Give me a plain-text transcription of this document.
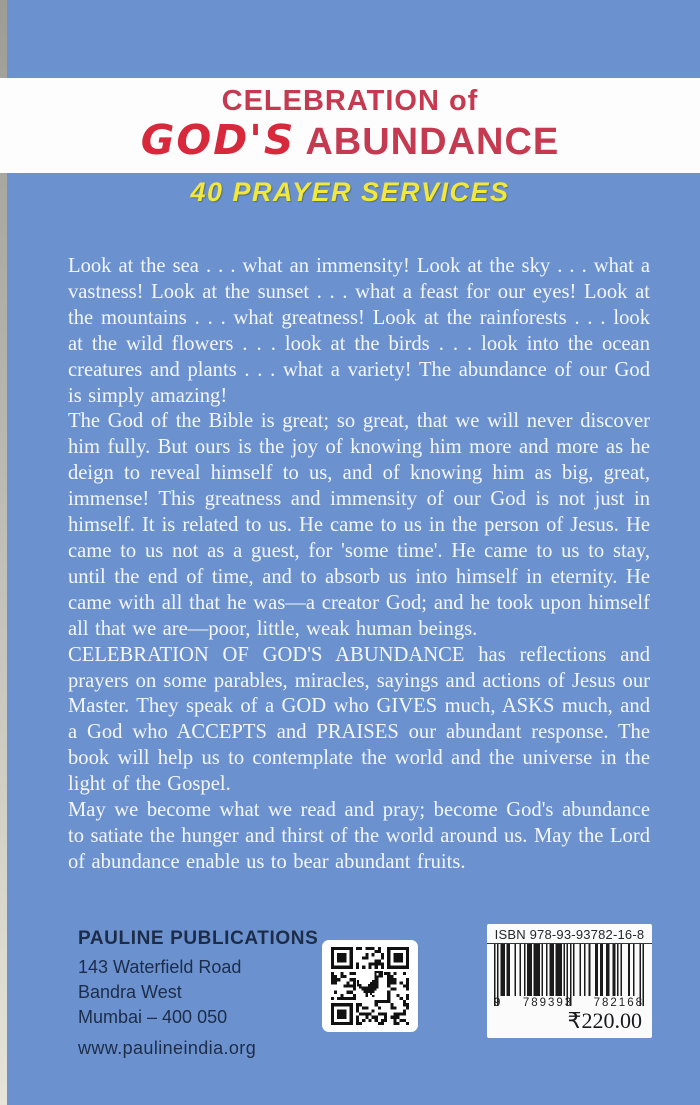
CELEBRATION of
GOD'S ABUNDANCE
40 PRAYER SERVICES

Look at the sea . . . what an immensity! Look at the sky . . . what a vastness! Look at the sunset . . . what a feast for our eyes! Look at the mountains . . . what greatness! Look at the rainforests . . . look at the wild flowers . . . look at the birds . . . look into the ocean creatures and plants . . . what a variety! The abundance of our God is simply amazing!

The God of the Bible is great; so great, that we will never discover him fully. But ours is the joy of knowing him more and more as he deign to reveal himself to us, and of knowing him as big, great, immense! This greatness and immensity of our God is not just in himself. It is related to us. He came to us in the person of Jesus. He came to us not as a guest, for 'some time'. He came to us to stay, until the end of time, and to absorb us into himself in eternity. He came with all that he was—a creator God; and he took upon himself all that we are—poor, little, weak human beings.

CELEBRATION OF GOD'S ABUNDANCE has reflections and prayers on some parables, miracles, sayings and actions of Jesus our Master. They speak of a GOD who GIVES much, ASKS much, and a God who ACCEPTS and PRAISES our abundant response. The book will help us to contemplate the world and the universe in the light of the Gospel.

May we become what we read and pray; become God's abundance to satiate the hunger and thirst of the world around us. May the Lord of abundance enable us to bear abundant fruits.

PAULINE PUBLICATIONS
143 Waterfield Road
Bandra West
Mumbai – 400 050
www.paulineindia.org
ISBN 978-93-93782-16-8
9 789393 782168
₹220.00
